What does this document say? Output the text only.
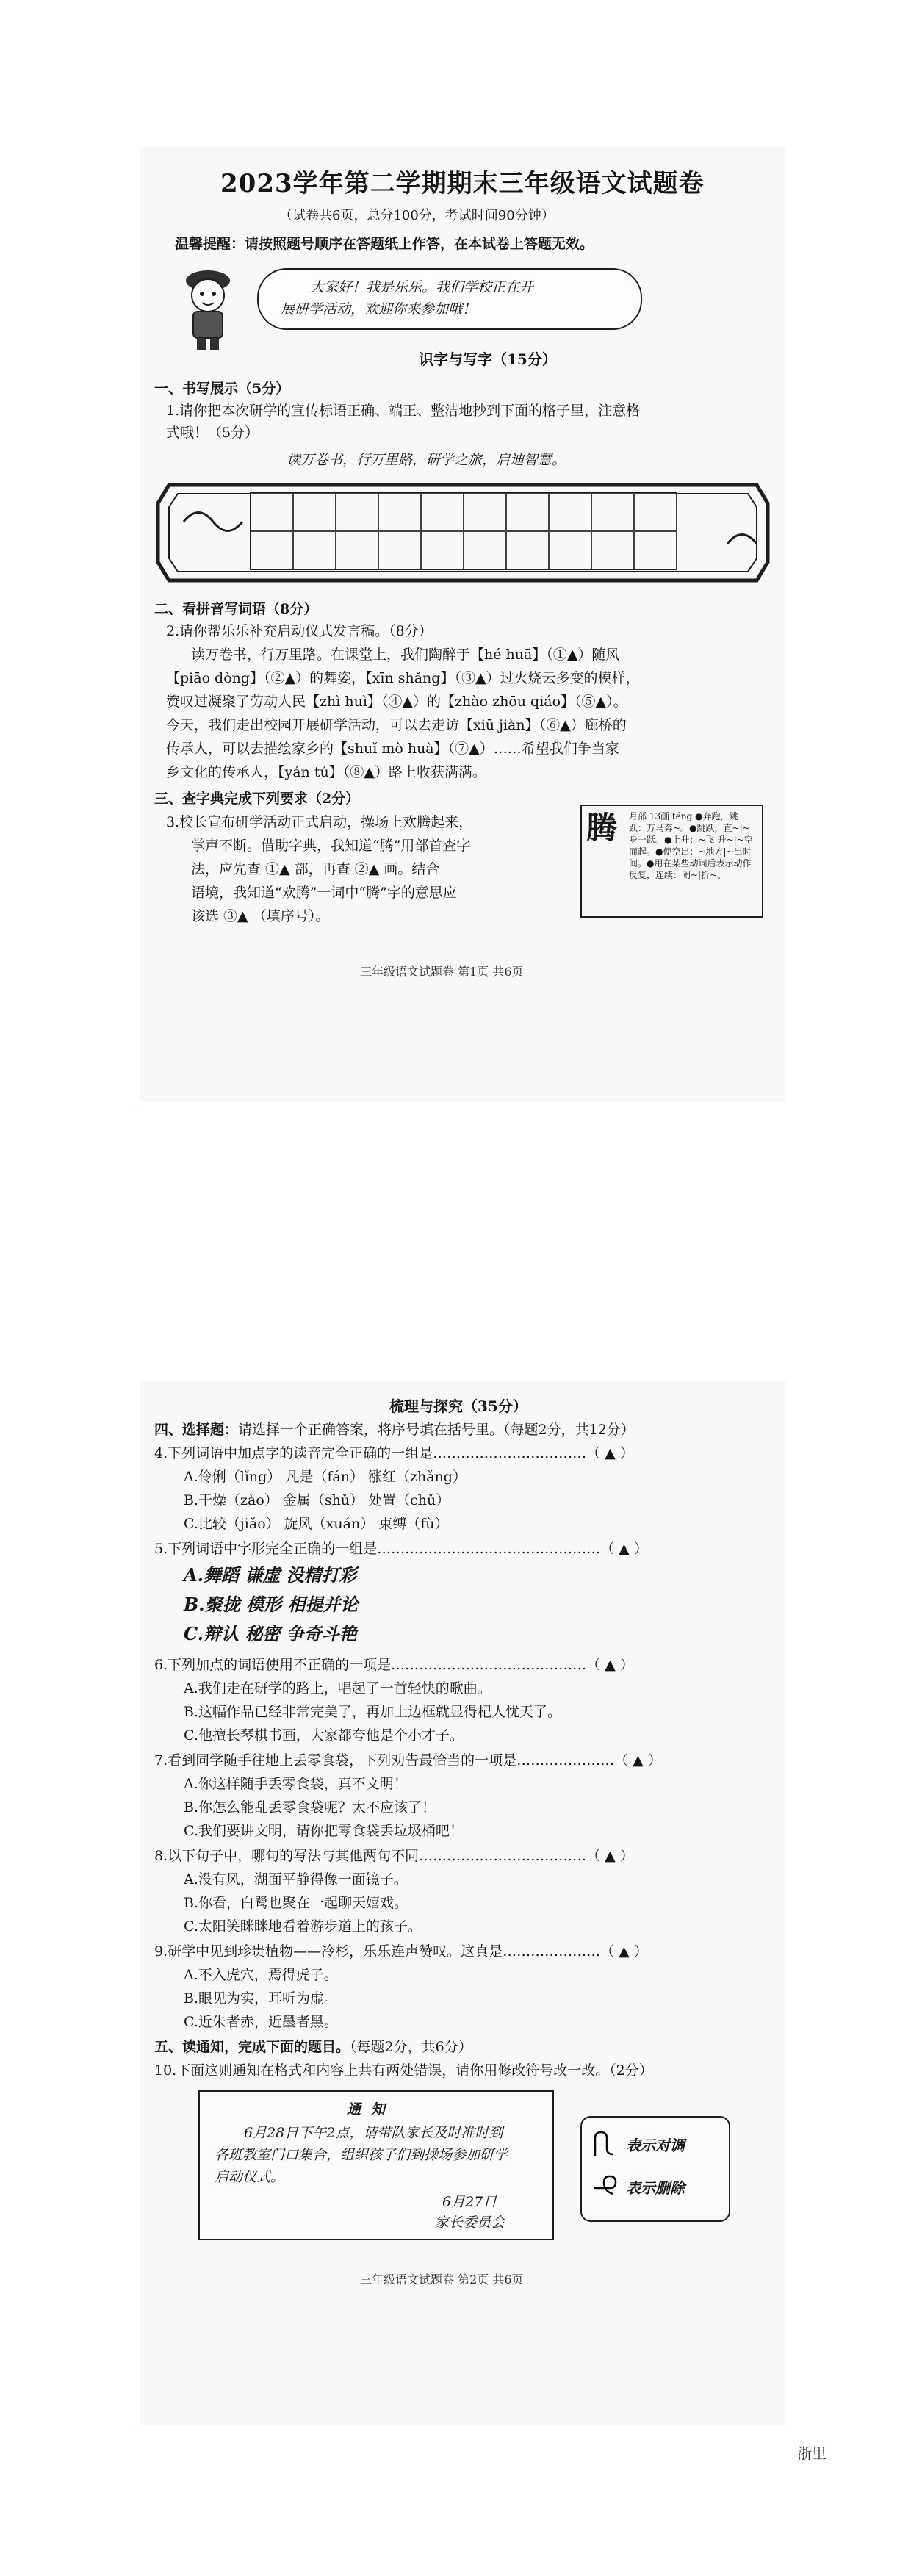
2023学年第二学期期末三年级语文试题卷
（试卷共6页，总分100分，考试时间90分钟）
温馨提醒：请按照题号顺序在答题纸上作答，在本试卷上答题无效。
大家好！我是乐乐。我们学校正在开
展研学活动，欢迎你来参加哦！
识字与写字（15分）
一、书写展示（5分）
1.请你把本次研学的宣传标语正确、端正、整洁地抄到下面的格子里，注意格
式哦！（5分）
读万卷书，行万里路，研学之旅，启迪智慧。
二、看拼音写词语（8分）
2.请你帮乐乐补充启动仪式发言稿。（8分）
读万卷书，行万里路。在课堂上，我们陶醉于【hé huā】（①▲）随风
【piāo dòng】（②▲）的舞姿，【xīn shǎng】（③▲）过火烧云多变的模样，
赞叹过凝聚了劳动人民【zhì huì】（④▲）的【zhào zhōu qiáo】（⑤▲）。
今天，我们走出校园开展研学活动，可以去走访【xiū jiàn】（⑥▲）廊桥的
传承人，可以去描绘家乡的【shuǐ mò huà】（⑦▲）……希望我们争当家
乡文化的传承人，【yán tú】（⑧▲）路上收获满满。
三、查字典完成下列要求（2分）
3.校长宣布研学活动正式启动，操场上欢腾起来，
掌声不断。借助字典，我知道“腾”用部首查字
法，应先查 ①▲ 部，再查 ②▲ 画。结合
语境，我知道“欢腾”一词中“腾”字的意思应
该选 ③▲ （填序号）。
腾 月部 13画 téng ●奔跑，跳跃：万马奔~。●跳跃，直~|~身一跃。●上升：~飞|升~|~空而起。●使空出：~地方|~出时间。●用在某些动词后表示动作反复，连续：闹~|折~。
三年级语文试题卷 第1页 共6页
梳理与探究（35分）
四、选择题：请选择一个正确答案，将序号填在括号里。（每题2分，共12分）
4.下列词语中加点字的读音完全正确的一组是……………………………（ ▲ ）
A.伶俐（lǐng） 凡是（fán） 涨红（zhǎng）
B.干燥（zào） 金属（shǔ） 处置（chǔ）
C.比较（jiǎo） 旋风（xuán） 束缚（fù）
5.下列词语中字形完全正确的一组是…………………………………………（ ▲ ）
A.舞蹈 谦虚 没精打彩
B.聚拢 模形 相提并论
C.辩认 秘密 争奇斗艳
6.下列加点的词语使用不正确的一项是……………………………………（ ▲ ）
A.我们走在研学的路上，唱起了一首轻快的歌曲。
B.这幅作品已经非常完美了，再加上边框就显得杞人忧天了。
C.他擅长琴棋书画，大家都夸他是个小才子。
7.看到同学随手往地上丢零食袋，下列劝告最恰当的一项是…………………（ ▲ ）
A.你这样随手丢零食袋，真不文明！
B.你怎么能乱丢零食袋呢？太不应该了！
C.我们要讲文明，请你把零食袋丢垃圾桶吧！
8.以下句子中，哪句的写法与其他两句不同………………………………（ ▲ ）
A.没有风，湖面平静得像一面镜子。
B.你看，白鹭也聚在一起聊天嬉戏。
C.太阳笑眯眯地看着游步道上的孩子。
9.研学中见到珍贵植物——冷杉，乐乐连声赞叹。这真是…………………（ ▲ ）
A.不入虎穴，焉得虎子。
B.眼见为实，耳听为虚。
C.近朱者赤，近墨者黑。
五、读通知，完成下面的题目。（每题2分，共6分）
10.下面这则通知在格式和内容上共有两处错误，请你用修改符号改一改。（2分）
通知
6月28日下午2点，请带队家长及时准时到
各班教室门口集合，组织孩子们到操场参加研学
启动仪式。
6月27日
家长委员会
表示对调
表示删除
三年级语文试题卷 第2页 共6页
浙里
